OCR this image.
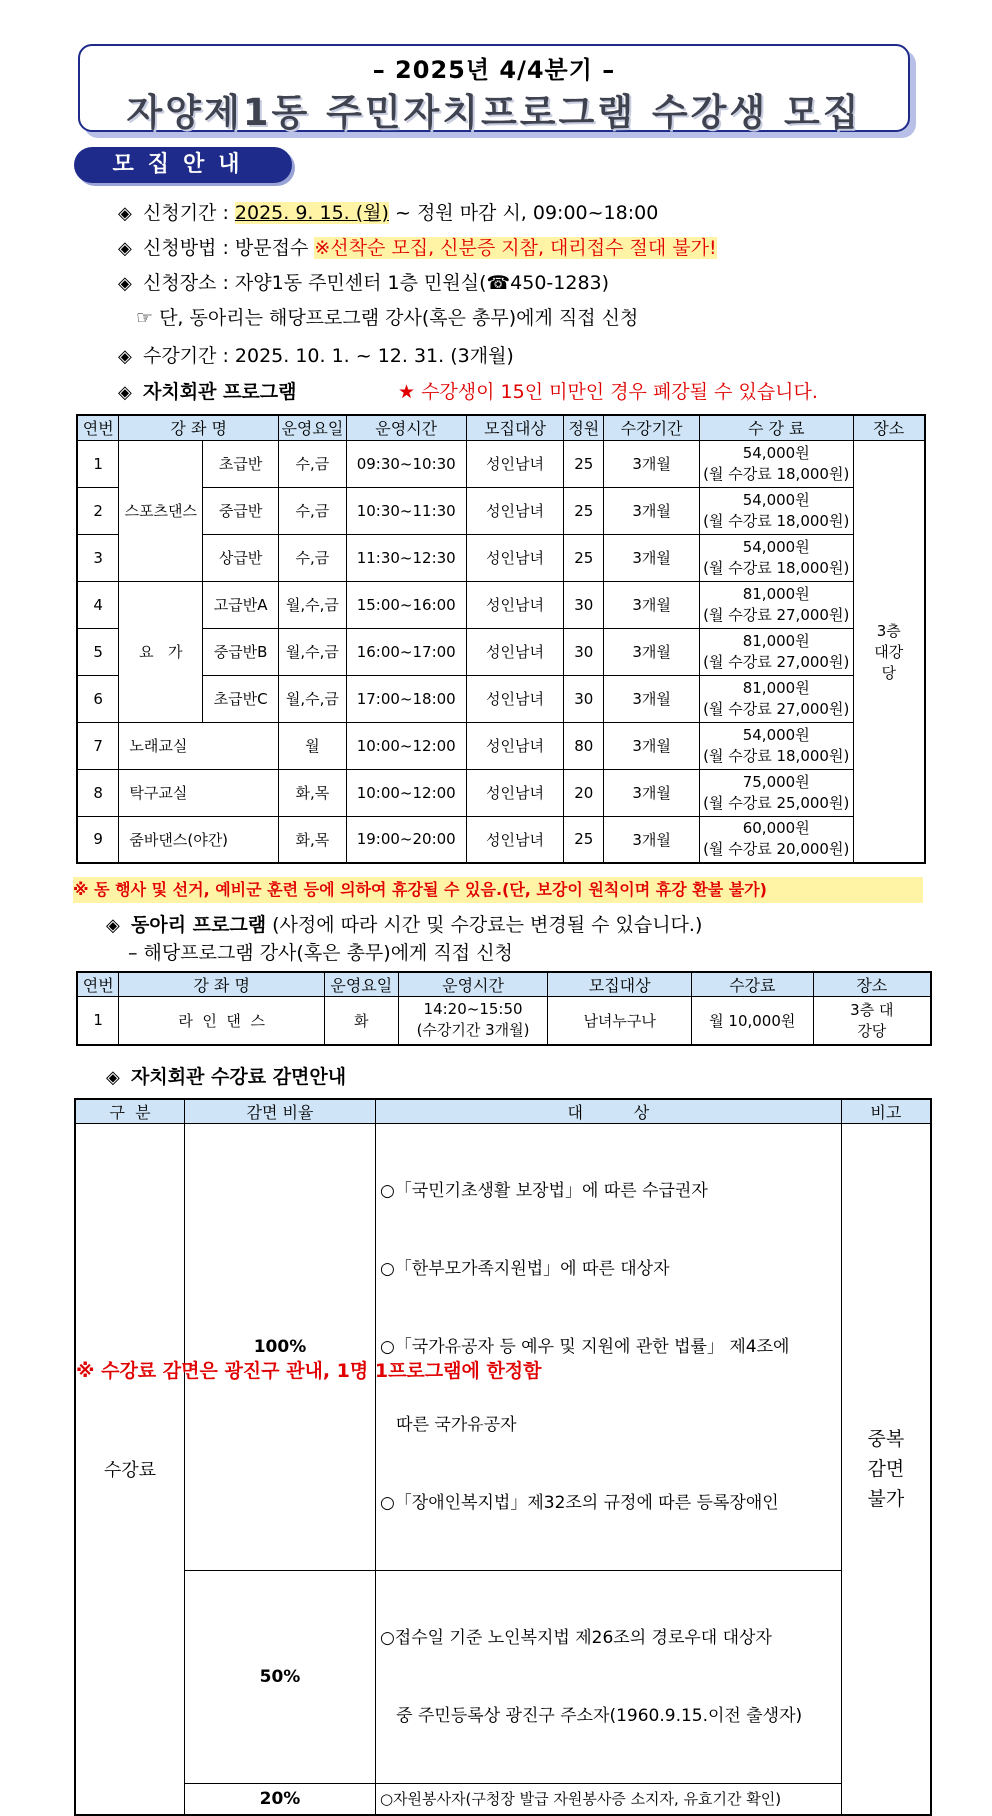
– 2025년 4/4분기 –
자양제1동 주민자치프로그램 수강생 모집
모집안내
◈ 신청기간 : 2025. 9. 15. (월) ~ 정원 마감 시, 09:00~18:00
◈ 신청방법 : 방문접수 ※선착순 모집, 신분증 지참, 대리접수 절대 불가!
◈ 신청장소 : 자양1동 주민센터 1층 민원실(☎450-1283)
☞ 단, 동아리는 해당프로그램 강사(혹은 총무)에게 직접 신청
◈ 수강기간 : 2025. 10. 1. ~ 12. 31. (3개월)
◈ 자치회관 프로그램	★ 수강생이 15인 미만인 경우 폐강될 수 있습니다.
연번	강 좌 명		운영요일	운영시간	모집대상	정원	수강기간	수 강 료	장소
1	스포츠댄스	초급반	수,금	09:30~10:30	성인남녀	25	3개월	54,000원
(월 수강료 18,000원)	3층 대강당
2		중급반	수,금	10:30~11:30	성인남녀	25	3개월	54,000원
(월 수강료 18,000원)	

3		상급반	수,금	11:30~12:30	성인남녀	25	3개월	54,000원
(월 수강료 18,000원)	

4	요   가	고급반A	월,수,금	15:00~16:00	성인남녀	30	3개월	81,000원
(월 수강료 27,000원)	

5		중급반B	월,수,금	16:00~17:00	성인남녀	30	3개월	81,000원
(월 수강료 27,000원)	

6		초급반C	월,수,금	17:00~18:00	성인남녀	30	3개월	81,000원
(월 수강료 27,000원)	

7	노래교실		월	10:00~12:00	성인남녀	80	3개월	54,000원
(월 수강료 18,000원)	

8	탁구교실		화,목	10:00~12:00	성인남녀	20	3개월	75,000원
(월 수강료 25,000원)	

9	줌바댄스(야간)		화,목	19:00~20:00	성인남녀	25	3개월	60,000원
(월 수강료 20,000원)	
※ 동 행사 및 선거, 예비군 훈련 등에 의하여 휴강될 수 있음.(단, 보강이 원칙이며 휴강 환불 불가)
◈ 동아리 프로그램 (사정에 따라 시간 및 수강료는 변경될 수 있습니다.)
– 해당프로그램 강사(혹은 총무)에게 직접 신청
연번	강 좌 명	운영요일	운영시간	모집대상	수강료	장소
1	라  인  댄  스	화	14:20~15:50
(수강기간 3개월)	남녀누구나	월 10,000원	3층 대강당
◈ 자치회관 수강료 감면안내
구  분	감면 비율	대          상	비고
수강료	100%	○「국민기초생활 보장법」에 따른 수급권자

○「한부모가족지원법」에 따른 대상자

○「국가유공자 등 예우 및 지원에 관한 법률」 제4조에

따른 국가유공자

○「장애인복지법」제32조의 규정에 따른 등록장애인	중복 감면 불가
	50%	○접수일 기준 노인복지법 제26조의 경로우대 대상자

중 주민등록상 광진구 주소자(1960.9.15.이전 출생자)	

	20%	○자원봉사자(구청장 발급 자원봉사증 소지자, 유효기간 확인)	
※ 수강료 감면은 광진구 관내, 1명 1프로그램에 한정함
